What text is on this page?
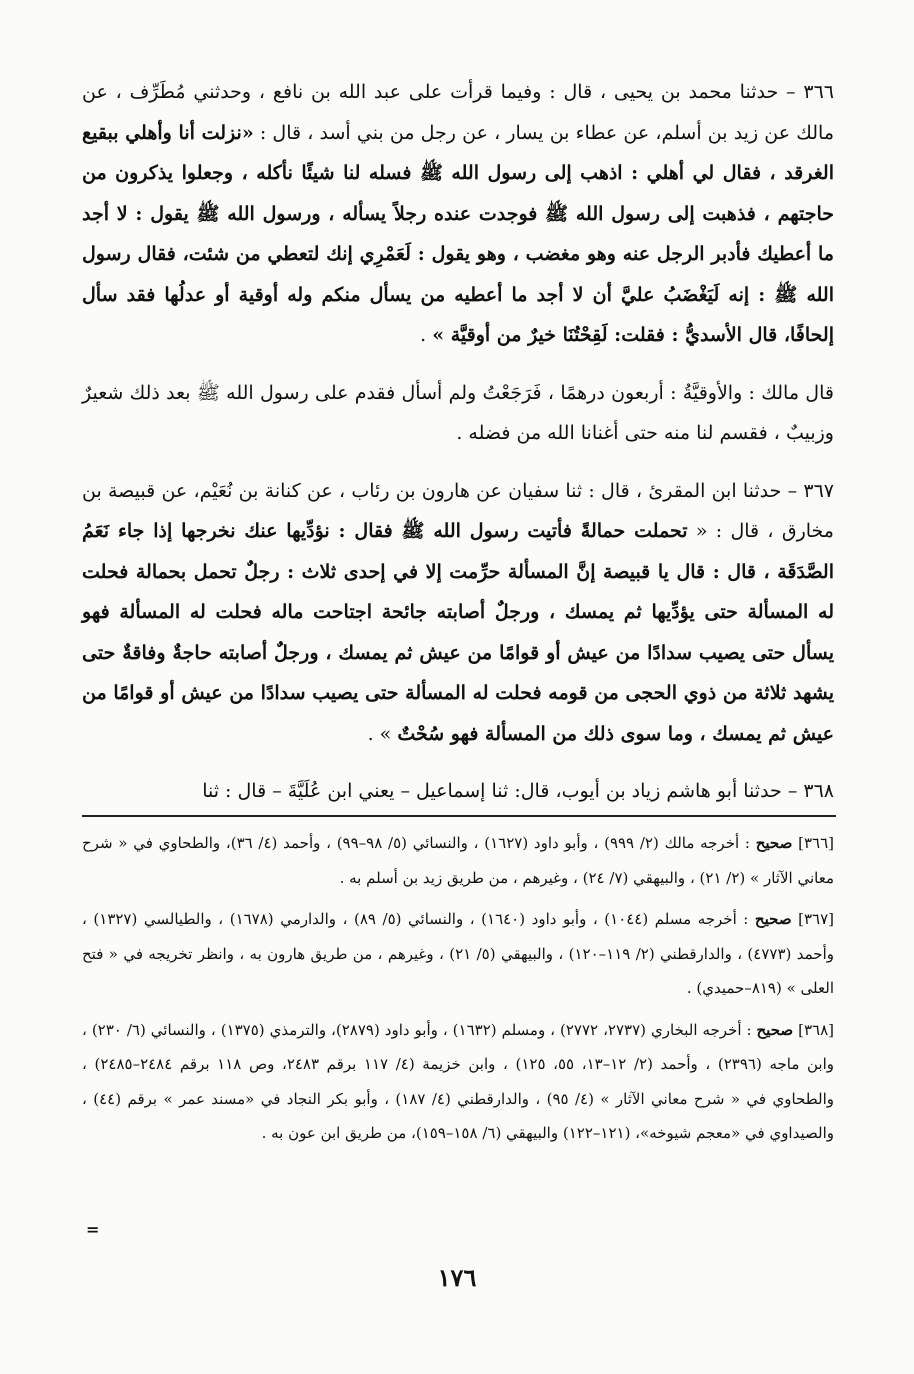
٣٦٦ – حدثنا محمد بن يحيى ، قال : وفيما قرأت على عبد الله بن نافع ، وحدثني مُطَرِّف ، عن مالك عن زيد بن أسلم، عن عطاء بن يسار ، عن رجل من بني أسد ، قال : «نزلت أنا وأهلي ببقيع الغرقد ، فقال لي أهلي : اذهب إلى رسول الله ﷺ فسله لنا شيئًا نأكله ، وجعلوا يذكرون من حاجتهم ، فذهبت إلى رسول الله ﷺ فوجدت عنده رجلاً يسأله ، ورسول الله ﷺ يقول : لا أجد ما أعطيك فأدبر الرجل عنه وهو مغضب ، وهو يقول : لَعَمْرِي إنك لتعطي من شئت، فقال رسول الله ﷺ : إنه لَيَغْضَبُ عليَّ أن لا أجد ما أعطيه من يسأل منكم وله أوقية أو عدلُها فقد سأل إلحافًا، قال الأسديُّ : فقلت: لَقِحْتُنَا خيرٌ من أوقيَّة » .

قال مالك : والأوقيَّةُ : أربعون درهمًا ، فَرَجَعْتُ ولم أسأل فقدم على رسول الله ﷺ بعد ذلك شعيرٌ وزبيبٌ ، فقسم لنا منه حتى أغنانا الله من فضله .

٣٦٧ – حدثنا ابن المقرئ ، قال : ثنا سفيان عن هارون بن رئاب ، عن كنانة بن نُعَيْم، عن قبيصة بن مخارق ، قال : « تحملت حمالةً فأتيت رسول الله ﷺ فقال : نؤدِّيها عنك نخرجها إذا جاء نَعَمُ الصَّدَقَة ، قال : قال يا قبيصة إنَّ المسألة حرِّمت إلا في إحدى ثلاث : رجلٌ تحمل بحمالة فحلت له المسألة حتى يؤدِّيها ثم يمسك ، ورجلٌ أصابته جائحة اجتاحت ماله فحلت له المسألة فهو يسأل حتى يصيب سدادًا من عيش أو قوامًا من عيش ثم يمسك ، ورجلٌ أصابته حاجةٌ وفاقةٌ حتى يشهد ثلاثة من ذوي الحجى من قومه فحلت له المسألة حتى يصيب سدادًا من عيش أو قوامًا من عيش ثم يمسك ، وما سوى ذلك من المسألة فهو سُحْتٌ » .

٣٦٨ – حدثنا أبو هاشم زياد بن أيوب، قال: ثنا إسماعيل – يعني ابن عُلَيَّةَ – قال : ثنا

[٣٦٦] صحيح : أخرجه مالك (٢/ ٩٩٩) ، وأبو داود (١٦٢٧) ، والنسائي (٥/ ٩٨–٩٩) ، وأحمد (٤/ ٣٦)، والطحاوي في « شرح معاني الآثار » (٢/ ٢١) ، والبيهقي (٧/ ٢٤) ، وغيرهم ، من طريق زيد بن أسلم به .

[٣٦٧] صحيح : أخرجه مسلم (١٠٤٤) ، وأبو داود (١٦٤٠) ، والنسائي (٥/ ٨٩) ، والدارمي (١٦٧٨) ، والطيالسي (١٣٢٧) ، وأحمد (٤٧٧٣) ، والدارقطني (٢/ ١١٩–١٢٠) ، والبيهقي (٥/ ٢١) ، وغيرهم ، من طريق هارون به ، وانظر تخريجه في « فتح العلى » (٨١٩–حميدي) .

[٣٦٨] صحيح : أخرجه البخاري (٢٧٣٧، ٢٧٧٢) ، ومسلم (١٦٣٢) ، وأبو داود (٢٨٧٩)، والترمذي (١٣٧٥) ، والنسائي (٦/ ٢٣٠) ، وابن ماجه (٢٣٩٦) ، وأحمد (٢/ ١٢–١٣، ٥٥، ١٢٥) ، وابن خزيمة (٤/ ١١٧ برقم ٢٤٨٣، وص ١١٨ برقم ٢٤٨٤–٢٤٨٥) ، والطحاوي في « شرح معاني الآثار » (٤/ ٩٥) ، والدارقطني (٤/ ١٨٧) ، وأبو بكر النجاد في «مسند عمر » برقم (٤٤) ، والصيداوي في «معجم شيوخه»، (١٢١–١٢٢) والبيهقي (٦/ ١٥٨–١٥٩)، من طريق ابن عون به .

=
١٧٦
